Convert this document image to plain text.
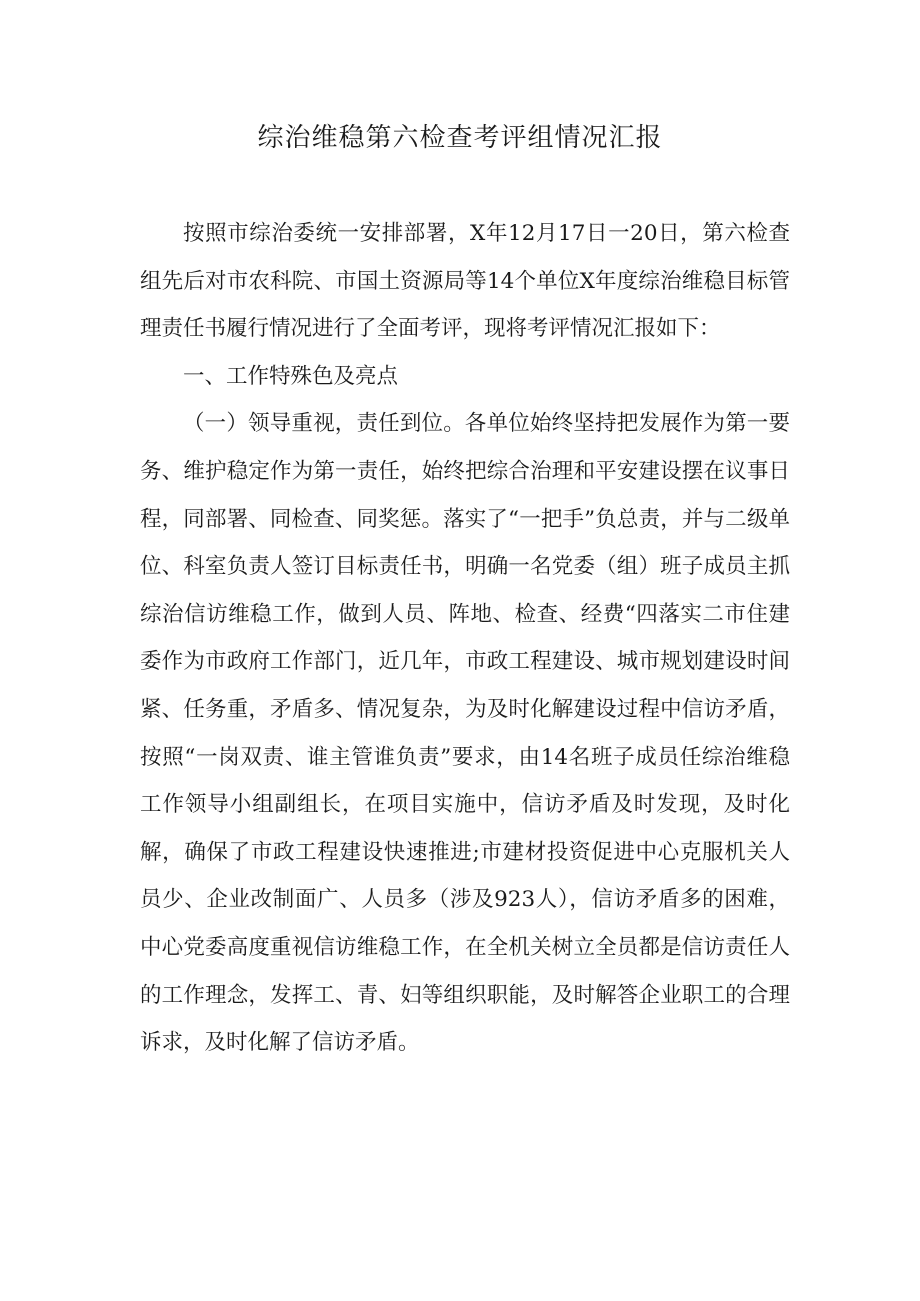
综治维稳第六检查考评组情况汇报

按照市综治委统一安排部署，X年12月17日一20日，第六检查组先后对市农科院、市国土资源局等14个单位X年度综治维稳目标管理责任书履行情况进行了全面考评，现将考评情况汇报如下：

一、工作特殊色及亮点

（一）领导重视，责任到位。各单位始终坚持把发展作为第一要务、维护稳定作为第一责任，始终把综合治理和平安建设摆在议事日程，同部署、同检查、同奖惩。落实了“一把手”负总责，并与二级单位、科室负责人签订目标责任书，明确一名党委（组）班子成员主抓综治信访维稳工作，做到人员、阵地、检查、经费“四落实二市住建委作为市政府工作部门，近几年，市政工程建设、城市规划建设时间紧、任务重，矛盾多、情况复杂，为及时化解建设过程中信访矛盾，按照“一岗双责、谁主管谁负责”要求，由14名班子成员任综治维稳工作领导小组副组长，在项目实施中，信访矛盾及时发现，及时化解，确保了市政工程建设快速推进;市建材投资促进中心克服机关人员少、企业改制面广、人员多（涉及923人），信访矛盾多的困难，中心党委高度重视信访维稳工作，在全机关树立全员都是信访责任人的工作理念，发挥工、青、妇等组织职能，及时解答企业职工的合理诉求，及时化解了信访矛盾。
